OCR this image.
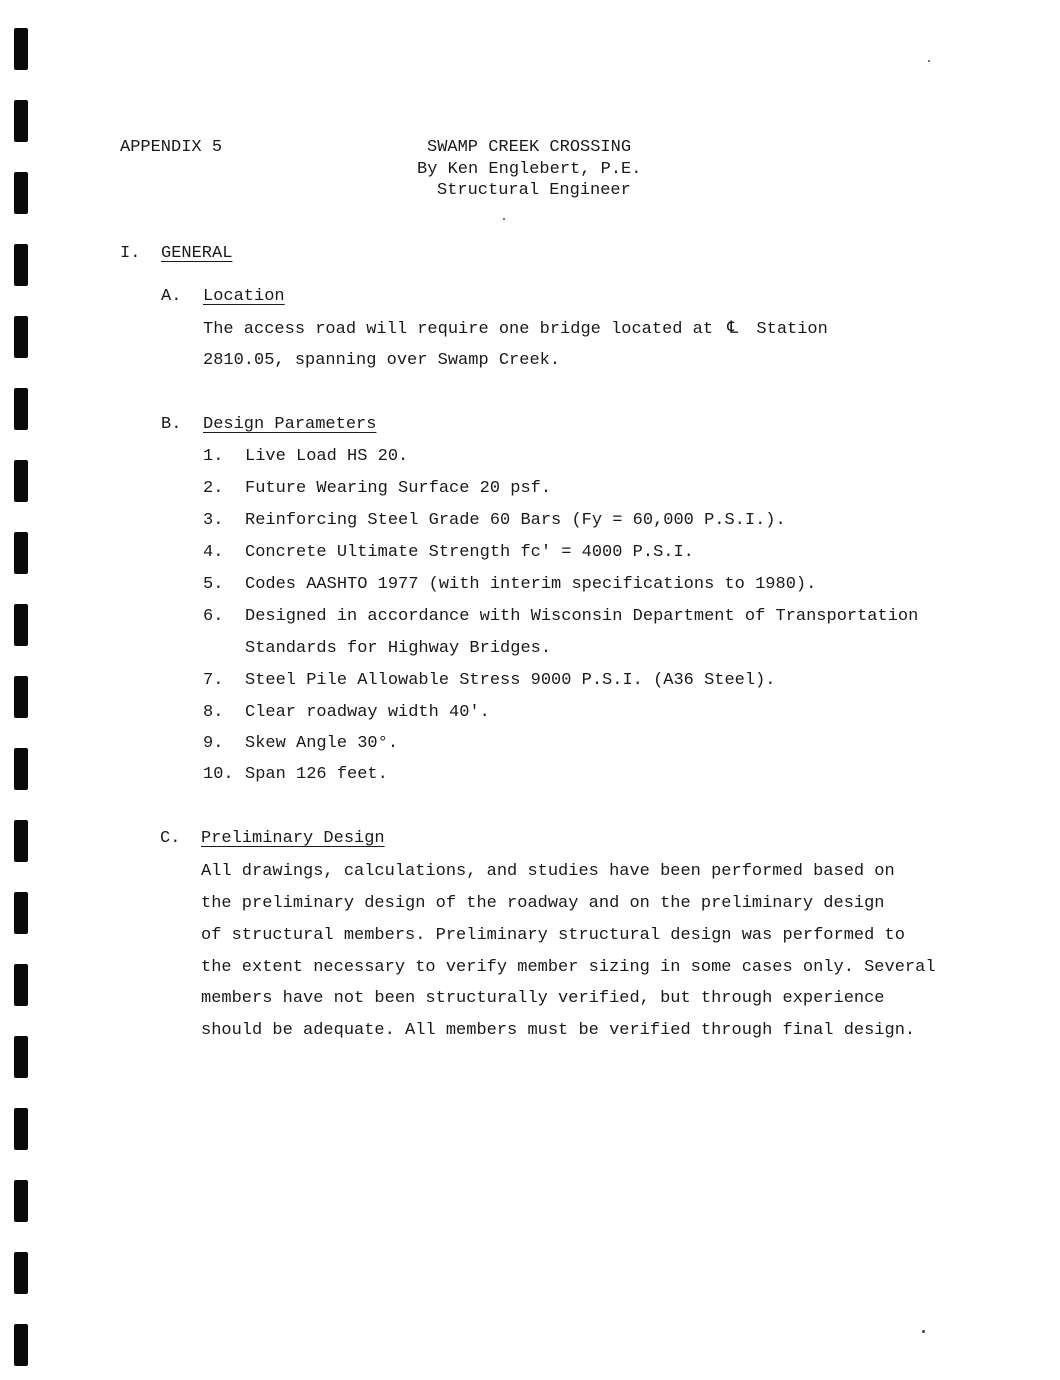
APPENDIX 5	SWAMP CREEK CROSSING
By Ken Englebert, P.E.
Structural Engineer
I. GENERAL
A. Location
The access road will require one bridge located at ℄ Station
2810.05, spanning over Swamp Creek.
B. Design Parameters
1. Live Load HS 20.
2. Future Wearing Surface 20 psf.
3. Reinforcing Steel Grade 60 Bars (Fy = 60,000 P.S.I.).
4. Concrete Ultimate Strength fc' = 4000 P.S.I.
5. Codes AASHTO 1977 (with interim specifications to 1980).
6. Designed in accordance with Wisconsin Department of Transportation
Standards for Highway Bridges.
7. Steel Pile Allowable Stress 9000 P.S.I. (A36 Steel).
8. Clear roadway width 40'.
9. Skew Angle 30°.
10. Span 126 feet.
C. Preliminary Design
All drawings, calculations, and studies have been performed based on
the preliminary design of the roadway and on the preliminary design
of structural members. Preliminary structural design was performed to
the extent necessary to verify member sizing in some cases only. Several
members have not been structurally verified, but through experience
should be adequate. All members must be verified through final design.
